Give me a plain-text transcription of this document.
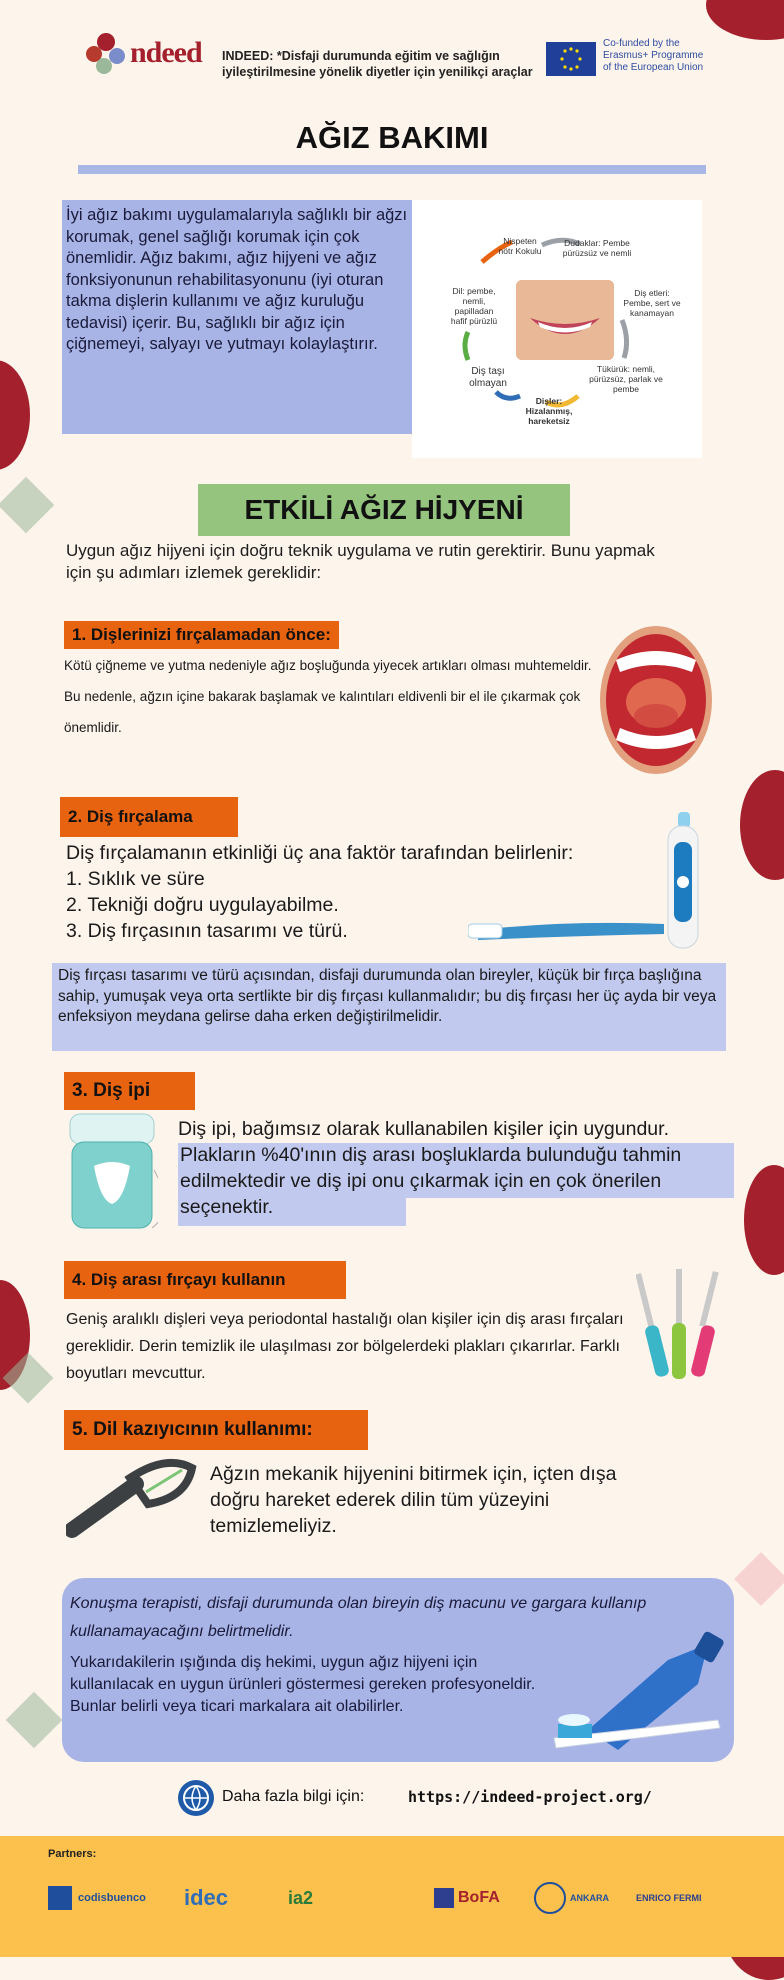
ndeed INDEED: *Disfaji durumunda eğitim ve sağlığın iyileştirilmesine yönelik diyetler için yenilikçi araçlar
Co-funded by the Erasmus+ Programme of the European Union
AĞIZ BAKIMI
İyi ağız bakımı uygulamalarıyla sağlıklı bir ağzı korumak, genel sağlığı korumak için çok önemlidir. Ağız bakımı, ağız hijyeni ve ağız fonksiyonunun rehabilitasyonunu (iyi oturan takma dişlerin kullanımı ve ağız kuruluğu tedavisi) içerir. Bu, sağlıklı bir ağız için çiğnemeyi, salyayı ve yutmayı kolaylaştırır.
Nispeten nötr Kokulu
Dudaklar: Pembe pürüzsüz ve nemli
Diş etleri: Pembe, sert ve kanamayan
Tükürük: nemli, pürüzsüz, parlak ve pembe
Dişler: Hizalanmış, hareketsiz
Diş taşı olmayan
Dil: pembe, nemli, papilladan hafif pürüzlü
ETKİLİ AĞIZ HİJYENİ
Uygun ağız hijyeni için doğru teknik uygulama ve rutin gerektirir. Bunu yapmak için şu adımları izlemek gereklidir:
1. Dişlerinizi fırçalamadan önce:
Kötü çiğneme ve yutma nedeniyle ağız boşluğunda yiyecek artıkları olması muhtemeldir. Bu nedenle, ağzın içine bakarak başlamak ve kalıntıları eldivenli bir el ile çıkarmak çok önemlidir.
2. Diş fırçalama
Diş fırçalamanın etkinliği üç ana faktör tarafından belirlenir:
1. Sıklık ve süre
2. Tekniği doğru uygulayabilme.
3. Diş fırçasının tasarımı ve türü.
Diş fırçası tasarımı ve türü açısından, disfaji durumunda olan bireyler, küçük bir fırça başlığına sahip, yumuşak veya orta sertlikte bir diş fırçası kullanmalıdır; bu diş fırçası her üç ayda bir veya enfeksiyon meydana gelirse daha erken değiştirilmelidir.
3. Diş ipi
Diş ipi, bağımsız olarak kullanabilen kişiler için uygundur.
Plakların %40'ının diş arası boşluklarda bulunduğu tahmin edilmektedir ve diş ipi onu çıkarmak için en çok önerilen seçenektir.
4. Diş arası fırçayı kullanın
Geniş aralıklı dişleri veya periodontal hastalığı olan kişiler için diş arası fırçaları gereklidir. Derin temizlik ile ulaşılması zor bölgelerdeki plakları çıkarırlar. Farklı boyutları mevcuttur.
5. Dil kazıyıcının kullanımı:
Ağzın mekanik hijyenini bitirmek için, içten dışa doğru hareket ederek dilin tüm yüzeyini temizlemeliyiz.
Konuşma terapisti, disfaji durumunda olan bireyin diş macunu ve gargara kullanıp kullanamayacağını belirtmelidir.
Yukarıdakilerin ışığında diş hekimi, uygun ağız hijyeni için kullanılacak en uygun ürünleri göstermesi gereken profesyoneldir. Bunlar belirli veya ticari markalara ait olabilirler.
Daha fazla bilgi için:	https://indeed-project.org/
Partners:
codisbuenco idec	ia2	BoFA	ANKARA	ENRICO FERMI
